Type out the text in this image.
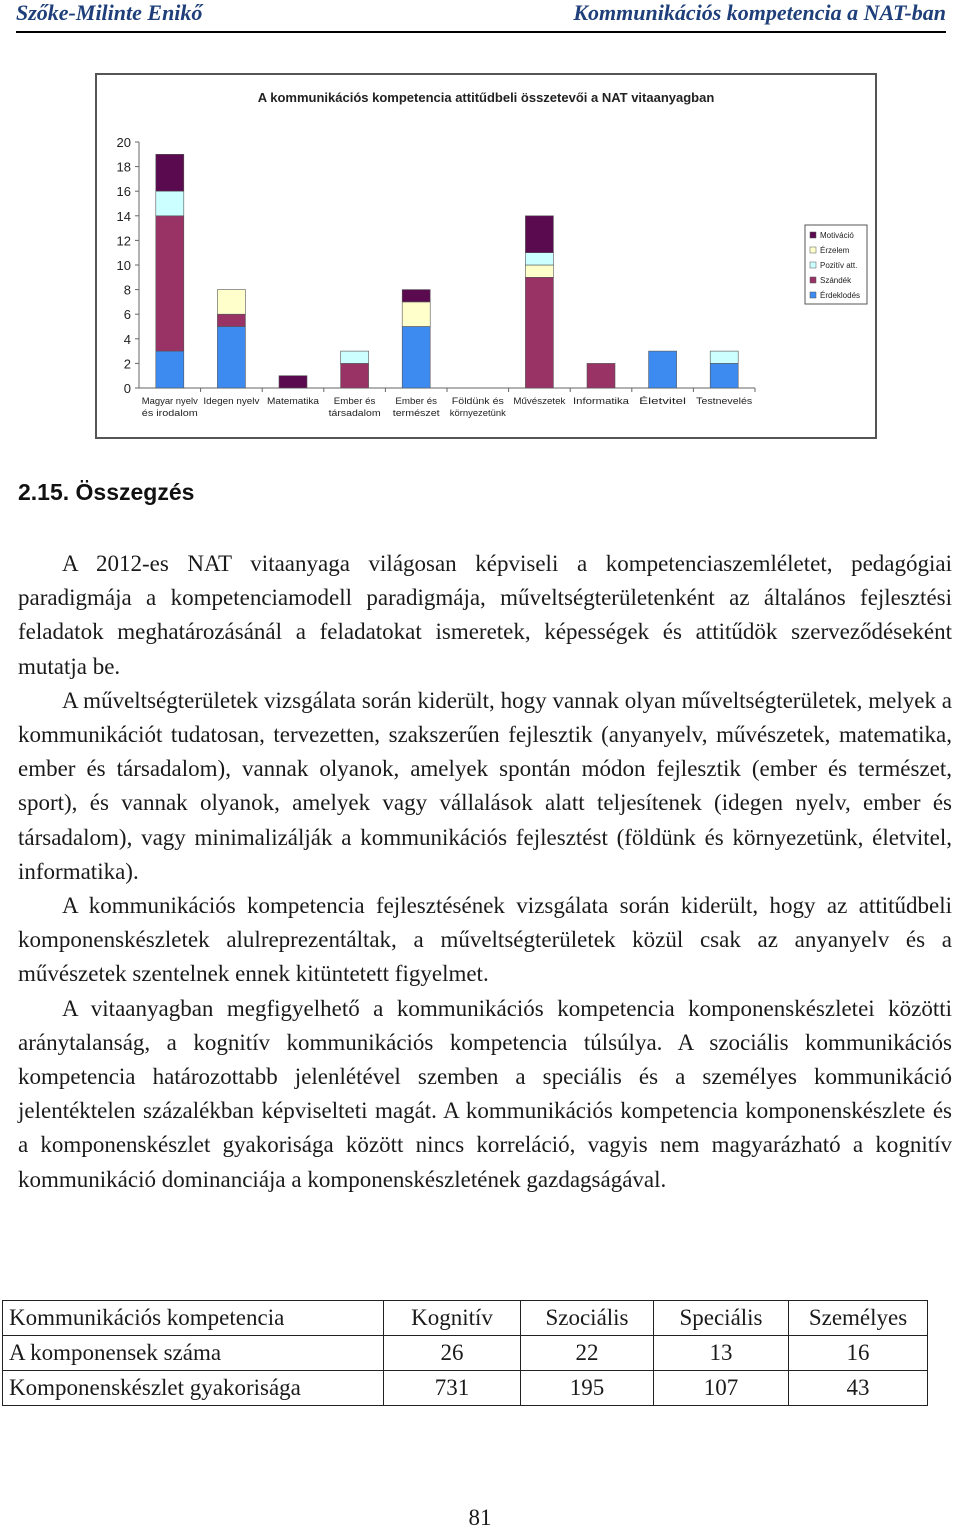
Szőke-Milinte Enikő	Kommunikációs kompetencia a NAT-ban
A kommunikációs kompetencia attitűdbeli összetevői a NAT vitaanyagban
0
2
4
6
8
10
12
14
16
18
20
Magyar nyelv
és irodalom
Idegen nyelv Matematika Ember és
társadalom
Ember és
természet
Földünk és
környezetünk
Művészetek Informatika Életvitel Testnevelés
Motiváció
Érzelem
Pozitív att.
Szándék
Érdeklodés
2.15. Összegzés

A 2012-es NAT vitaanyaga világosan képviseli a kompetenciaszemléletet, pedagógiai paradigmája a kompetenciamodell paradigmája, műveltségterületenként az általános fejlesztési feladatok meghatározásánál a feladatokat ismeretek, képességek és attitűdök szerveződéseként mutatja be.

A műveltségterületek vizsgálata során kiderült, hogy vannak olyan műveltségterületek, melyek a kommunikációt tudatosan, tervezetten, szakszerűen fejlesztik (anyanyelv, művészetek, matematika, ember és társadalom), vannak olyanok, amelyek spontán módon fejlesztik (ember és természet, sport), és vannak olyanok, amelyek vagy vállalások alatt teljesítenek (idegen nyelv, ember és társadalom), vagy minimalizálják a kommunikációs fejlesztést (földünk és környezetünk, életvitel, informatika).

A kommunikációs kompetencia fejlesztésének vizsgálata során kiderült, hogy az attitűdbeli komponenskészletek alulreprezentáltak, a műveltségterületek közül csak az anyanyelv és a művészetek szentelnek ennek kitüntetett figyelmet.

A vitaanyagban megfigyelhető a kommunikációs kompetencia komponenskészletei közötti aránytalanság, a kognitív kommunikációs kompetencia túlsúlya. A szociális kommunikációs kompetencia határozottabb jelenlétével szemben a speciális és a személyes kommunikáció jelentéktelen százalékban képviselteti magát. A kommunikációs kompetencia komponenskészlete és a komponenskészlet gyakorisága között nincs korreláció, vagyis nem magyarázható a kognitív kommunikáció dominanciája a komponenskészletének gazdagságával.

Kommunikációs kompetencia	Kognitív	Szociális	Speciális	Személyes
A komponensek száma	26	22	13	16
Komponenskészlet gyakorisága	731	195	107	43
81
